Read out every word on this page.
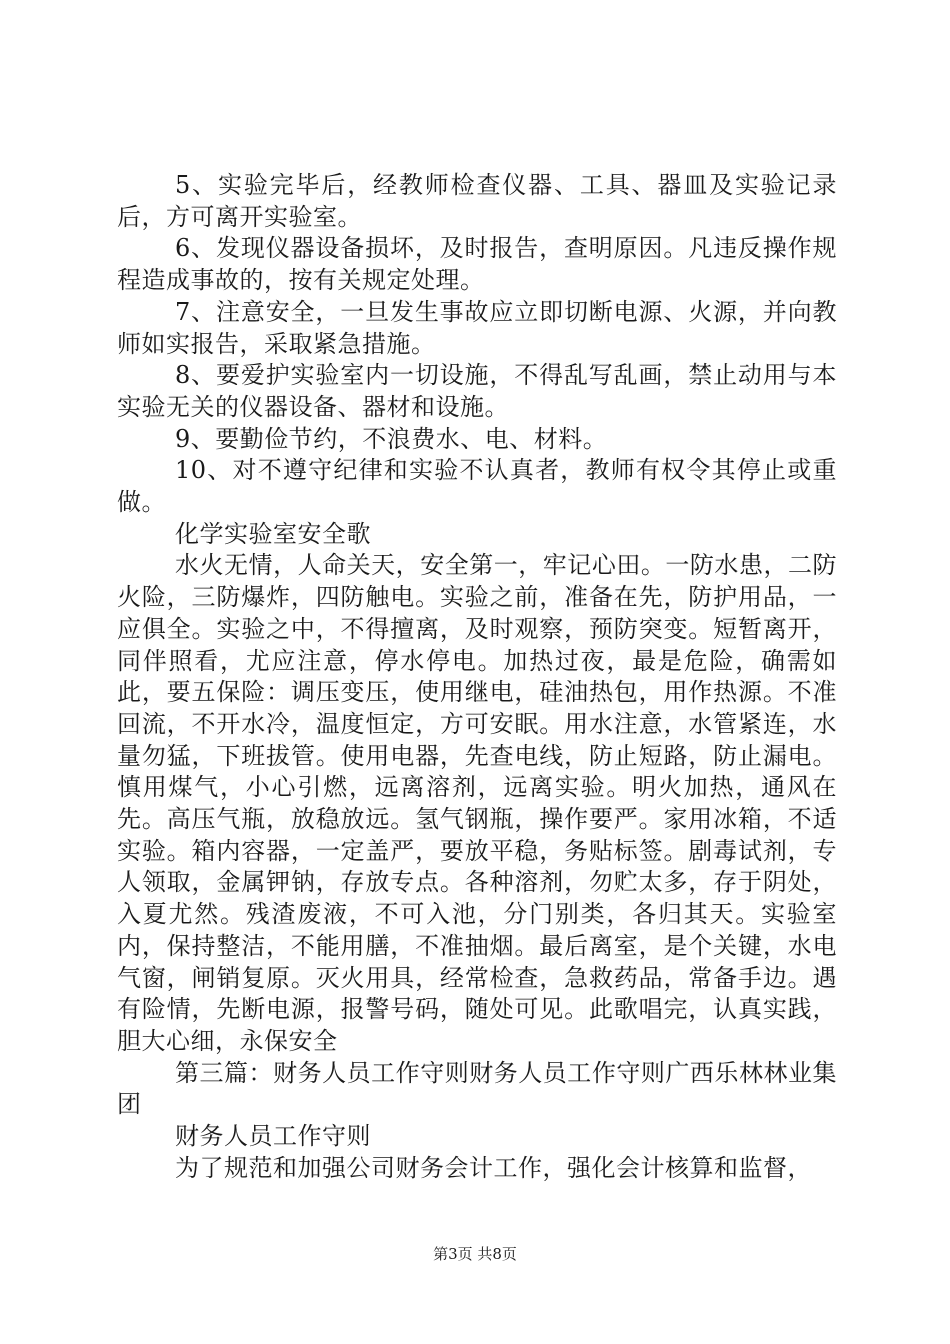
5、实验完毕后，经教师检查仪器、工具、器皿及实验记录后，方可离开实验室。

6、发现仪器设备损坏，及时报告，查明原因。凡违反操作规程造成事故的，按有关规定处理。

7、注意安全，一旦发生事故应立即切断电源、火源，并向教师如实报告，采取紧急措施。

8、要爱护实验室内一切设施，不得乱写乱画，禁止动用与本实验无关的仪器设备、器材和设施。

9、要勤俭节约，不浪费水、电、材料。

10、对不遵守纪律和实验不认真者，教师有权令其停止或重做。

化学实验室安全歌

水火无情，人命关天，安全第一，牢记心田。一防水患，二防火险，三防爆炸，四防触电。实验之前，准备在先，防护用品，一应俱全。实验之中，不得擅离，及时观察，预防突变。短暂离开，同伴照看，尤应注意，停水停电。加热过夜，最是危险，确需如此，要五保险：调压变压，使用继电，硅油热包，用作热源。不准回流，不开水冷，温度恒定，方可安眠。用水注意，水管紧连，水量勿猛，下班拔管。使用电器，先查电线，防止短路，防止漏电。慎用煤气，小心引燃，远离溶剂，远离实验。明火加热，通风在先。高压气瓶，放稳放远。氢气钢瓶，操作要严。家用冰箱，不适实验。箱内容器，一定盖严，要放平稳，务贴标签。剧毒试剂，专人领取，金属钾钠，存放专点。各种溶剂，勿贮太多，存于阴处，入夏尤然。残渣废液，不可入池，分门别类，各归其天。实验室内，保持整洁，不能用膳，不准抽烟。最后离室，是个关键，水电气窗，闸销复原。灭火用具，经常检查，急救药品，常备手边。遇有险情，先断电源，报警号码，随处可见。此歌唱完，认真实践，胆大心细，永保安全

第三篇：财务人员工作守则财务人员工作守则广西乐林林业集团

财务人员工作守则

为了规范和加强公司财务会计工作，强化会计核算和监督，

第3页 共8页
